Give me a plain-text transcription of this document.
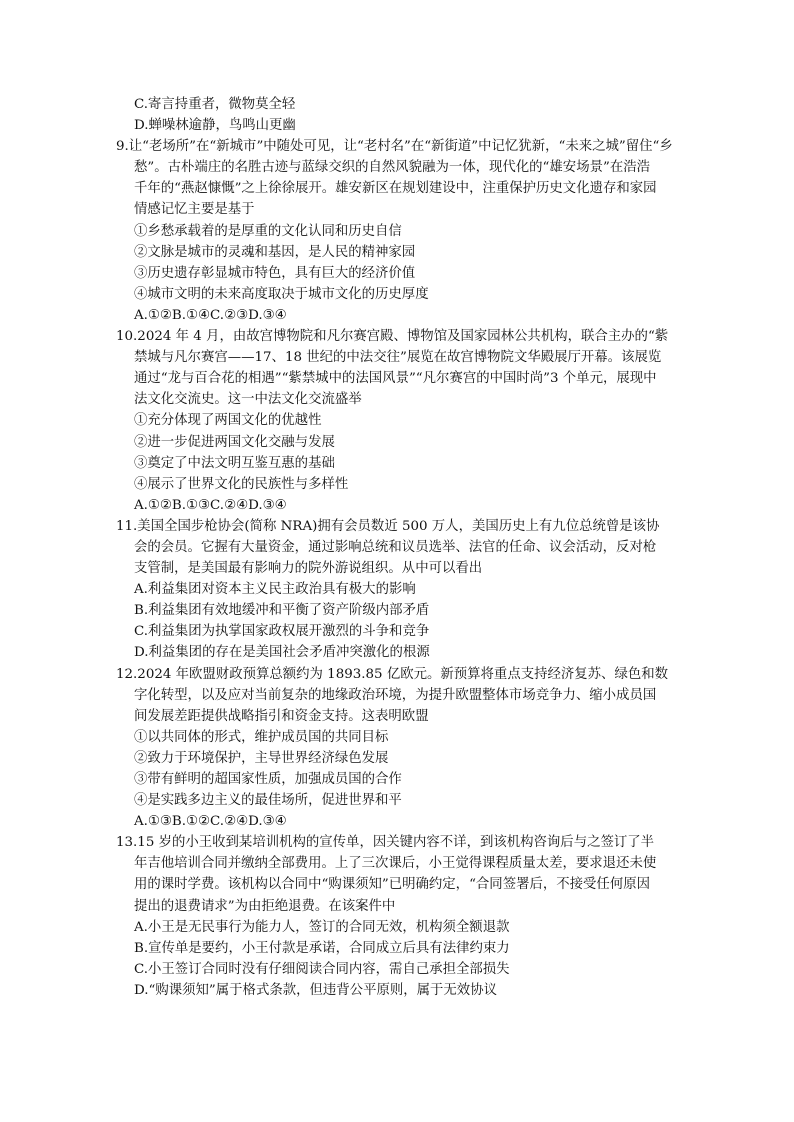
C.寄言持重者，微物莫全轻
D.蝉噪林逾静，鸟鸣山更幽
9.让“老场所”在“新城市”中随处可见，让“老村名”在“新街道”中记忆犹新，“未来之城”留住“乡
愁”。古朴端庄的名胜古迹与蓝绿交织的自然风貌融为一体，现代化的“雄安场景”在浩浩
千年的“燕赵慷慨”之上徐徐展开。雄安新区在规划建设中，注重保护历史文化遗存和家园
情感记忆主要是基于
①乡愁承载着的是厚重的文化认同和历史自信
②文脉是城市的灵魂和基因，是人民的精神家园
③历史遗存彰显城市特色，具有巨大的经济价值
④城市文明的未来高度取决于城市文化的历史厚度
A.①②B.①④C.②③D.③④
10.2024 年 4 月，由故宫博物院和凡尔赛宫殿、博物馆及国家园林公共机构，联合主办的“紫
禁城与凡尔赛宫——17、18 世纪的中法交往”展览在故宫博物院文华殿展厅开幕。该展览
通过“龙与百合花的相遇”“紫禁城中的法国风景”“凡尔赛宫的中国时尚”3 个单元，展现中
法文化交流史。这一中法文化交流盛举
①充分体现了两国文化的优越性
②进一步促进两国文化交融与发展
③奠定了中法文明互鉴互惠的基础
④展示了世界文化的民族性与多样性
A.①②B.①③C.②④D.③④
11.美国全国步枪协会(简称 NRA)拥有会员数近 500 万人，美国历史上有九位总统曾是该协
会的会员。它握有大量资金，通过影响总统和议员选举、法官的任命、议会活动，反对枪
支管制，是美国最有影响力的院外游说组织。从中可以看出
A.利益集团对资本主义民主政治具有极大的影响
B.利益集团有效地缓冲和平衡了资产阶级内部矛盾
C.利益集团为执掌国家政权展开激烈的斗争和竞争
D.利益集团的存在是美国社会矛盾冲突激化的根源
12.2024 年欧盟财政预算总额约为 1893.85 亿欧元。新预算将重点支持经济复苏、绿色和数
字化转型，以及应对当前复杂的地缘政治环境，为提升欧盟整体市场竞争力、缩小成员国
间发展差距提供战略指引和资金支持。这表明欧盟
①以共同体的形式，维护成员国的共同目标
②致力于环境保护，主导世界经济绿色发展
③带有鲜明的超国家性质，加强成员国的合作
④是实践多边主义的最佳场所，促进世界和平
A.①③B.①②C.②④D.③④
13.15 岁的小王收到某培训机构的宣传单，因关键内容不详，到该机构咨询后与之签订了半
年吉他培训合同并缴纳全部费用。上了三次课后，小王觉得课程质量太差，要求退还未使
用的课时学费。该机构以合同中“购课须知”已明确约定，“合同签署后，不接受任何原因
提出的退费请求”为由拒绝退费。在该案件中
A.小王是无民事行为能力人，签订的合同无效，机构须全额退款
B.宣传单是要约，小王付款是承诺，合同成立后具有法律约束力
C.小王签订合同时没有仔细阅读合同内容，需自己承担全部损失
D.“购课须知”属于格式条款，但违背公平原则，属于无效协议
